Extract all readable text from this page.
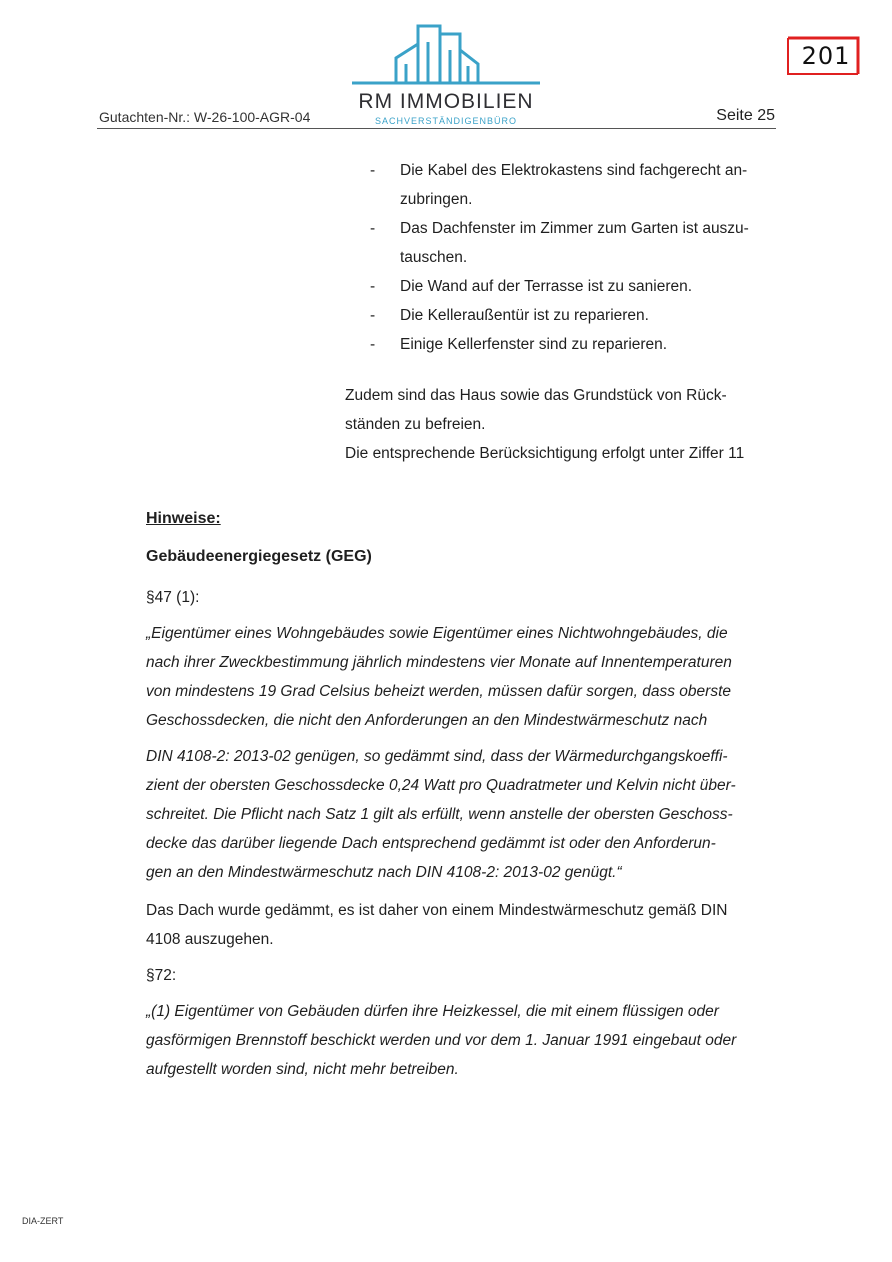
201
RM IMMOBILIEN
SACHVERSTÄNDIGENBÜRO
Gutachten-Nr.: W-26-100-AGR-04	Seite 25
- Die Kabel des Elektrokastens sind fachgerecht an-
zubringen.
- Das Dachfenster im Zimmer zum Garten ist auszu-
tauschen.
- Die Wand auf der Terrasse ist zu sanieren.
- Die Kelleraußentür ist zu reparieren.
- Einige Kellerfenster sind zu reparieren.

Zudem sind das Haus sowie das Grundstück von Rück-

ständen zu befreien.

Die entsprechende Berücksichtigung erfolgt unter Ziffer 11

Hinweise:
Gebäudeenergiegesetz (GEG)
§47 (1):
„Eigentümer eines Wohngebäudes sowie Eigentümer eines Nichtwohngebäudes, die
nach ihrer Zweckbestimmung jährlich mindestens vier Monate auf Innentemperaturen
von mindestens 19 Grad Celsius beheizt werden, müssen dafür sorgen, dass oberste
Geschossdecken, die nicht den Anforderungen an den Mindestwärmeschutz nach
DIN 4108-2: 2013-02 genügen, so gedämmt sind, dass der Wärmedurchgangskoeffi-
zient der obersten Geschossdecke 0,24 Watt pro Quadratmeter und Kelvin nicht über-
schreitet. Die Pflicht nach Satz 1 gilt als erfüllt, wenn anstelle der obersten Geschoss-
decke das darüber liegende Dach entsprechend gedämmt ist oder den Anforderun-
gen an den Mindestwärmeschutz nach DIN 4108-2: 2013-02 genügt.“
Das Dach wurde gedämmt, es ist daher von einem Mindestwärmeschutz gemäß DIN
4108 auszugehen.
§72:
„(1) Eigentümer von Gebäuden dürfen ihre Heizkessel, die mit einem flüssigen oder
gasförmigen Brennstoff beschickt werden und vor dem 1. Januar 1991 eingebaut oder
aufgestellt worden sind, nicht mehr betreiben.
DIA-ZERT
